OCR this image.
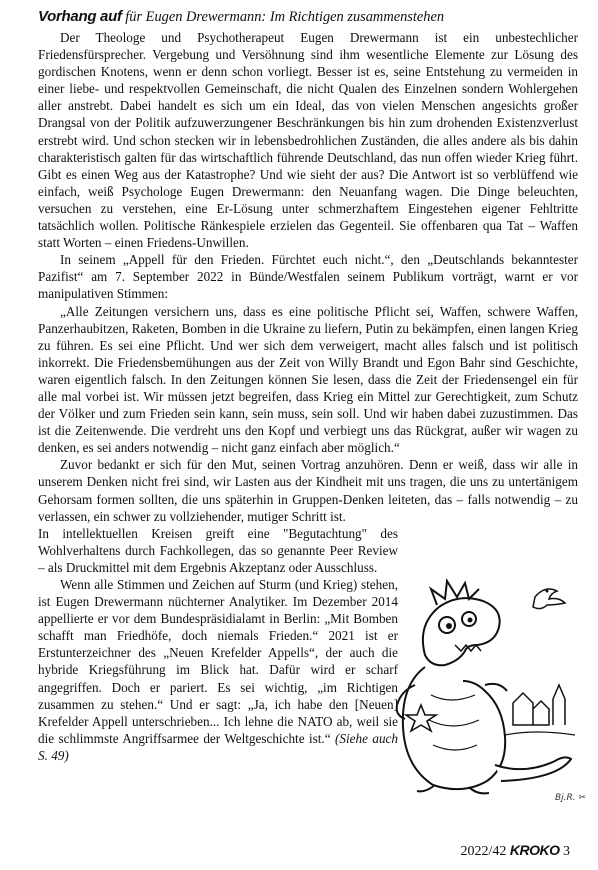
Vorhang auf für Eugen Drewermann: Im Richtigen zusammenstehen

Der Theologe und Psychotherapeut Eugen Drewermann ist ein unbestechlicher Friedensfürsprecher. Vergebung und Versöhnung sind ihm wesentliche Elemente zur Lösung des gordischen Knotens, wenn er denn schon vorliegt. Besser ist es, seine Entstehung zu vermeiden in einer liebe- und respektvollen Gemeinschaft, die nicht Qualen des Einzelnen sondern Wohlergehen aller anstrebt. Dabei handelt es sich um ein Ideal, das von vielen Menschen angesichts großer Drangsal von der Politik aufzuwerzungener Beschränkungen bis hin zum drohenden Existenzverlust erstrebt wird. Und schon stecken wir in lebensbedrohlichen Zuständen, die alles andere als bis dahin charakteristisch galten für das wirtschaftlich führende Deutschland, das nun offen wieder Krieg führt. Gibt es einen Weg aus der Katastrophe? Und wie sieht der aus? Die Antwort ist so verblüffend wie einfach, weiß Psychologe Eugen Drewermann: den Neuanfang wagen. Die Dinge beleuchten, versuchen zu verstehen, eine Er-Lösung unter schmerzhaftem Eingestehen eigener Fehltritte tatsächlich wollen. Politische Ränkespiele erzielen das Gegenteil. Sie offenbaren qua Tat – Waffen statt Worten – einen Friedens-Unwillen.

In seinem „Appell für den Frieden. Fürchtet euch nicht.“, den „Deutschlands bekanntester Pazifist“ am 7. September 2022 in Bünde/Westfalen seinem Publikum vorträgt, warnt er vor manipulativen Stimmen:

„Alle Zeitungen versichern uns, dass es eine politische Pflicht sei, Waffen, schwere Waffen, Panzerhaubitzen, Raketen, Bomben in die Ukraine zu liefern, Putin zu bekämpfen, einen langen Krieg zu führen. Es sei eine Pflicht. Und wer sich dem verweigert, macht alles falsch und ist politisch inkorrekt. Die Friedensbemühungen aus der Zeit von Willy Brandt und Egon Bahr sind Geschichte, waren eigentlich falsch. In den Zeitungen können Sie lesen, dass die Zeit der Friedensengel ein für alle mal vorbei ist. Wir müssen jetzt begreifen, dass Krieg ein Mittel zur Gerechtigkeit, zum Schutz der Völker und zum Frieden sein kann, sein muss, sein soll. Und wir haben dabei zuzustimmen. Das ist die Zeitenwende. Die verdreht uns den Kopf und verbiegt uns das Rückgrat, außer wir wagen zu denken, es sei anders notwendig – nicht ganz einfach aber möglich.“

Zuvor bedankt er sich für den Mut, seinen Vortrag anzuhören. Denn er weiß, dass wir alle in unserem Denken nicht frei sind, wir Lasten aus der Kindheit mit uns tragen, die uns zu untertänigem Gehorsam formen sollten, die uns späterhin in Gruppen-Denken leiteten, das – falls notwendig – zu verlassen, ein schwer zu vollziehender, mutiger Schritt ist.

In intellektuellen Kreisen greift eine "Begutachtung" des Wohlverhaltens durch Fachkollegen, das so genannte Peer Review – als Druckmittel mit dem Ergebnis Akzeptanz oder Ausschluss.

Wenn alle Stimmen und Zeichen auf Sturm (und Krieg) stehen, ist Eugen Drewermann nüchterner Analytiker. Im Dezember 2014 appellierte er vor dem Bundespräsidialamt in Berlin: „Mit Bomben schafft man Friedhöfe, doch niemals Frieden.“ 2021 ist er Erstunterzeichner des „Neuen Krefelder Appells“, der auch die hybride Kriegsführung im Blick hat. Dafür wird er scharf angegriffen. Doch er pariert. Es sei wichtig, „im Richtigen zusammen zu stehen.“ Und er sagt: „Ja, ich habe den [Neuen] Krefelder Appell unterschrieben... Ich lehne die NATO ab, weil sie die schlimmste Angriffsarmee der Weltgeschichte ist.“ (Siehe auch S. 49)

Bj.R. ✂
2022/42 KROKO 3
